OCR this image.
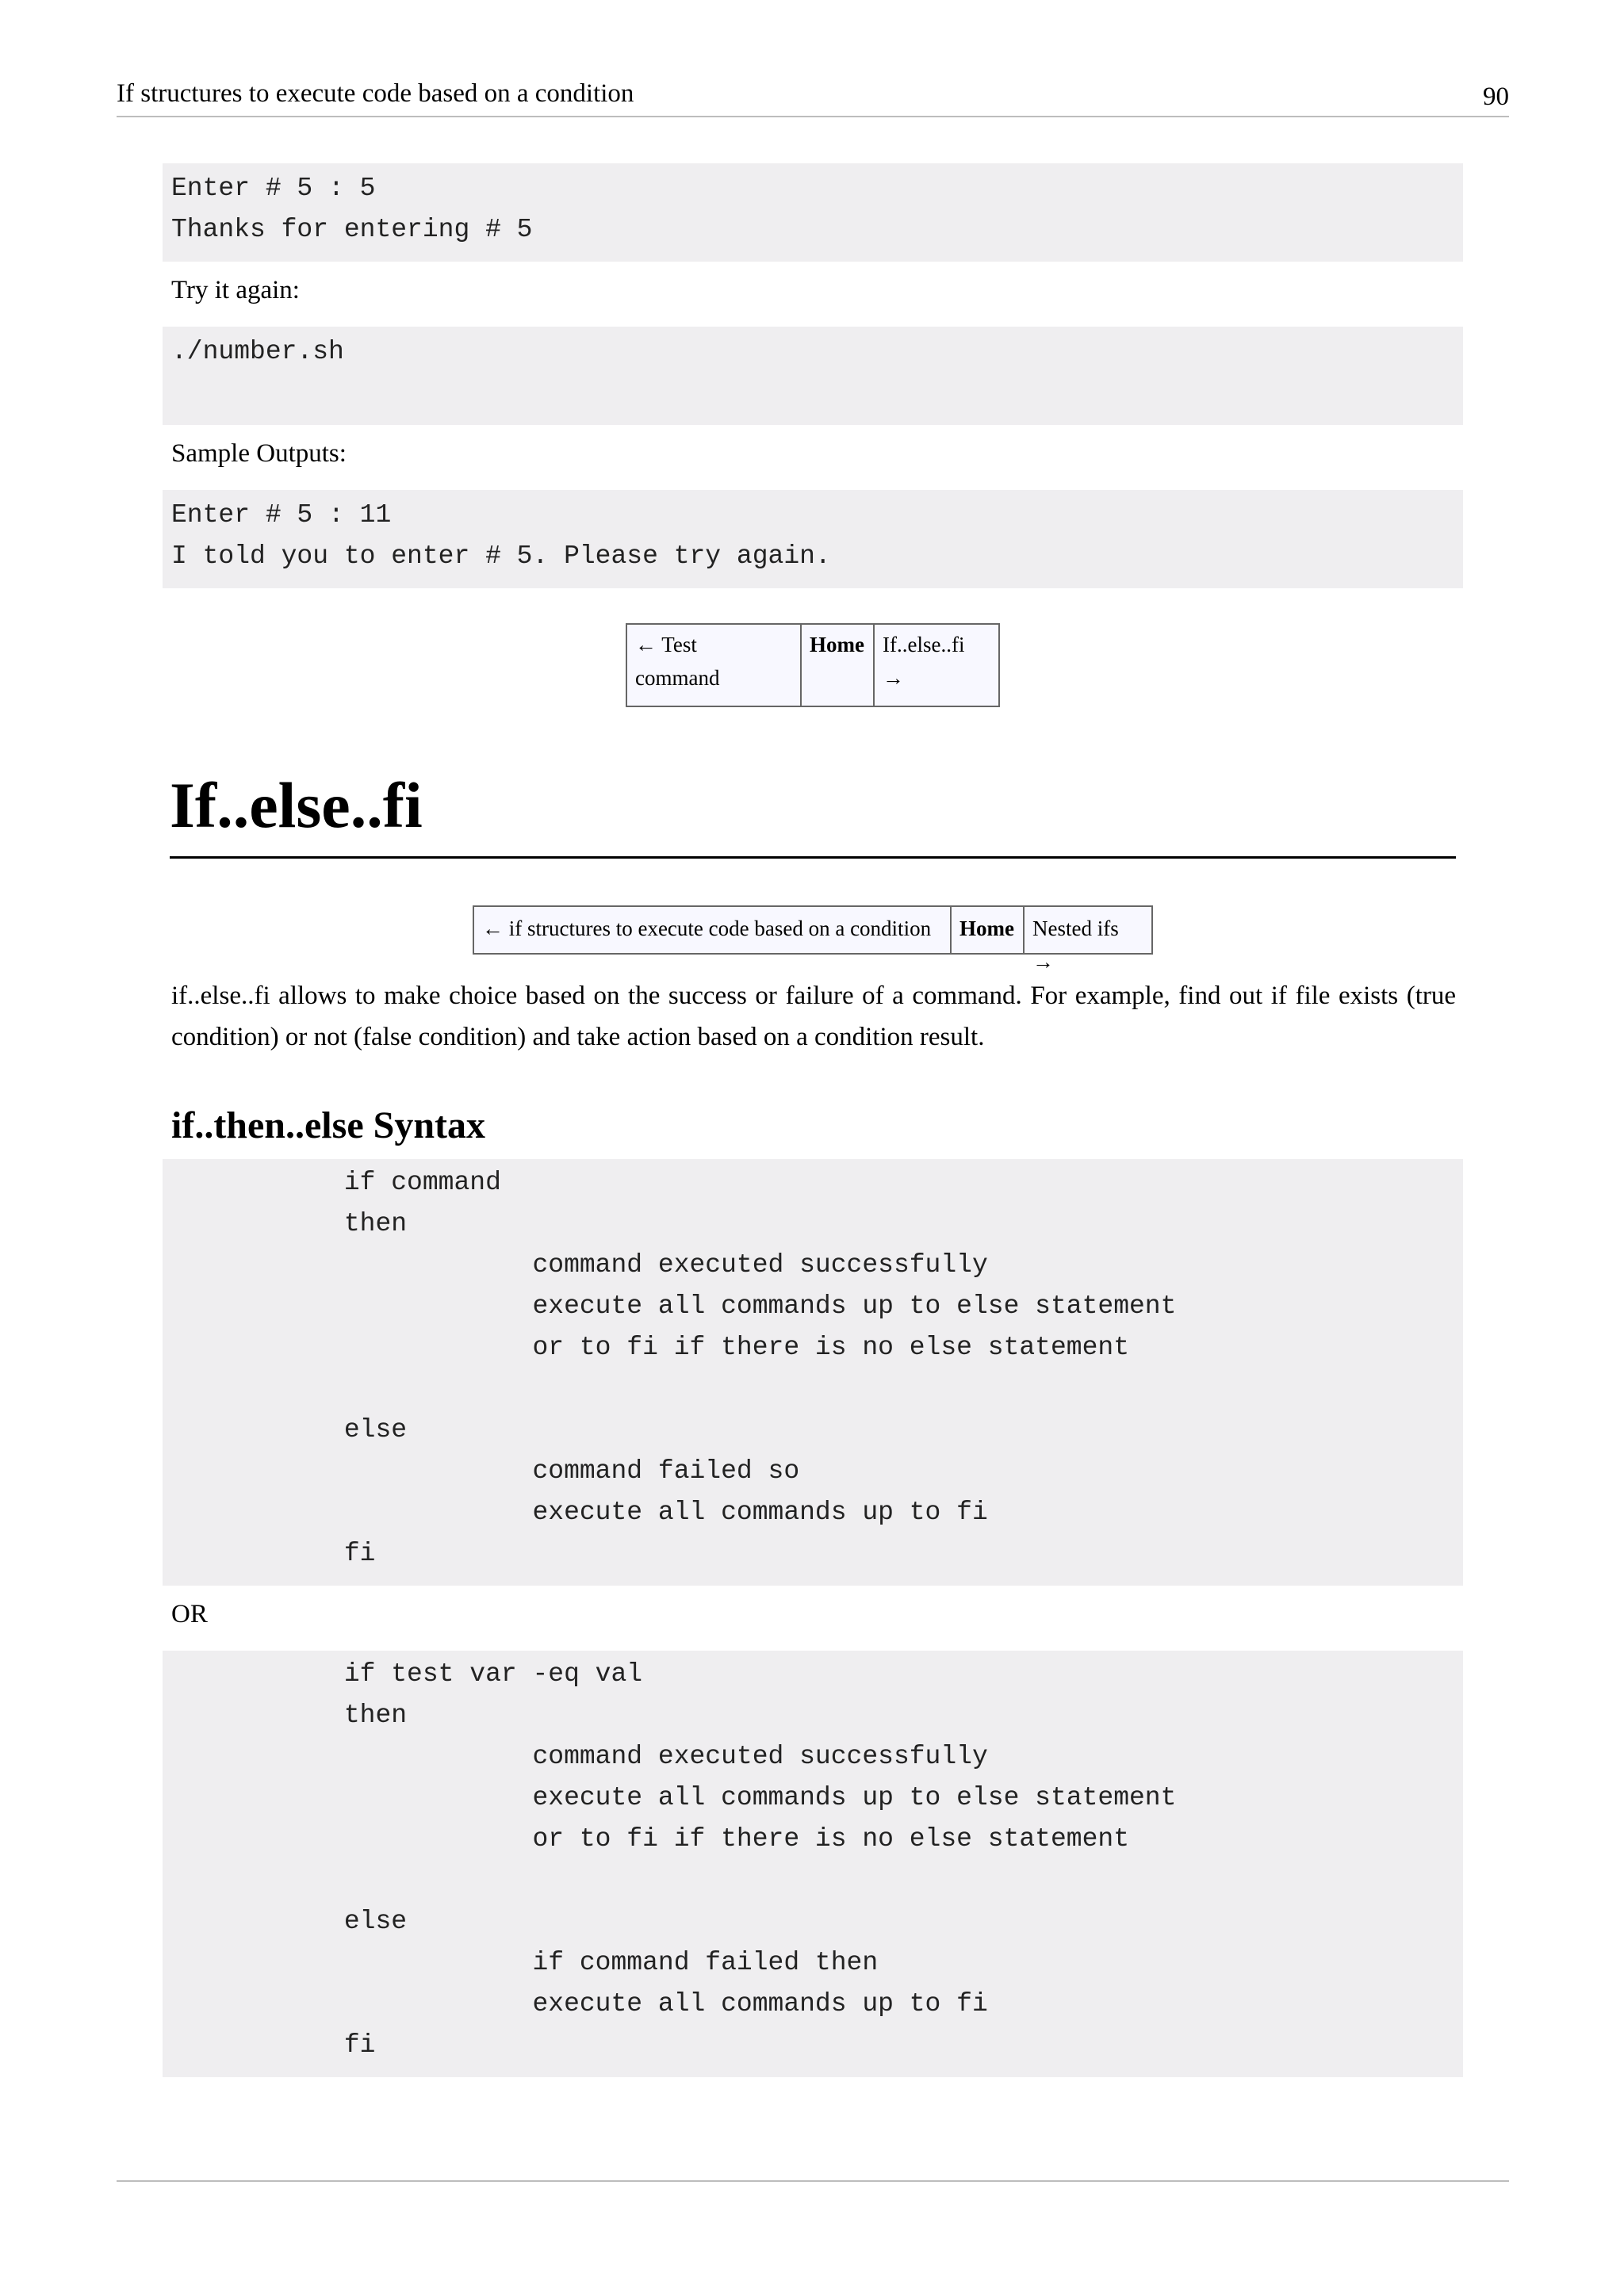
If structures to execute code based on a condition	90
Enter # 5 : 5
Thanks for entering # 5
Try it again:
./number.sh
Sample Outputs:
Enter # 5 : 11
I told you to enter # 5. Please try again.
← Test
command
Home If..else..fi →
If..else..fi
← if structures to execute code based on a condition	Home Nested ifs →
if..else..fi allows to make choice based on the success or failure of a command. For example, find out if file exists (true condition) or not (false condition) and take action based on a condition result.
if..then..else Syntax
if command
then
command executed successfully
execute all commands up to else statement
or to fi if there is no else statement
else
command failed so
execute all commands up to fi
fi
OR
if test var -eq val
then
command executed successfully
execute all commands up to else statement
or to fi if there is no else statement
else
if command failed then
execute all commands up to fi
fi
